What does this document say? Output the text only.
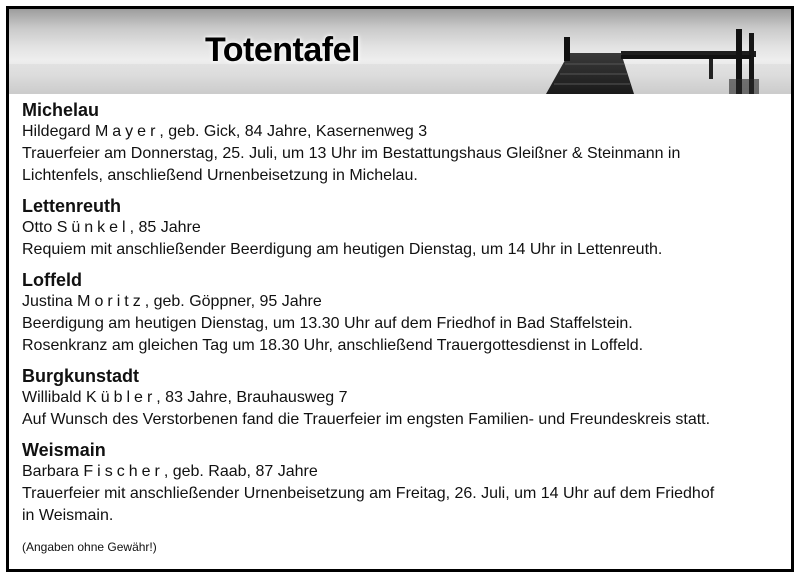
Totentafel
Michelau
Hildegard Mayer, geb. Gick, 84 Jahre, Kasernenweg 3
Trauerfeier am Donnerstag, 25. Juli, um 13 Uhr im Bestattungshaus Gleißner & Steinmann in
Lichtenfels, anschließend Urnenbeisetzung in Michelau.
Lettenreuth
Otto Sünkel, 85 Jahre
Requiem mit anschließender Beerdigung am heutigen Dienstag, um 14 Uhr in Lettenreuth.
Loffeld
Justina Moritz, geb. Göppner, 95 Jahre
Beerdigung am heutigen Dienstag, um 13.30 Uhr auf dem Friedhof in Bad Staffelstein.
Rosenkranz am gleichen Tag um 18.30 Uhr, anschließend Trauergottesdienst in Loffeld.
Burgkunstadt
Willibald Kübler, 83 Jahre, Brauhausweg 7
Auf Wunsch des Verstorbenen fand die Trauerfeier im engsten Familien- und Freundeskreis statt.
Weismain
Barbara Fischer, geb. Raab, 87 Jahre
Trauerfeier mit anschließender Urnenbeisetzung am Freitag, 26. Juli, um 14 Uhr auf dem Friedhof
in Weismain.
(Angaben ohne Gewähr!)
